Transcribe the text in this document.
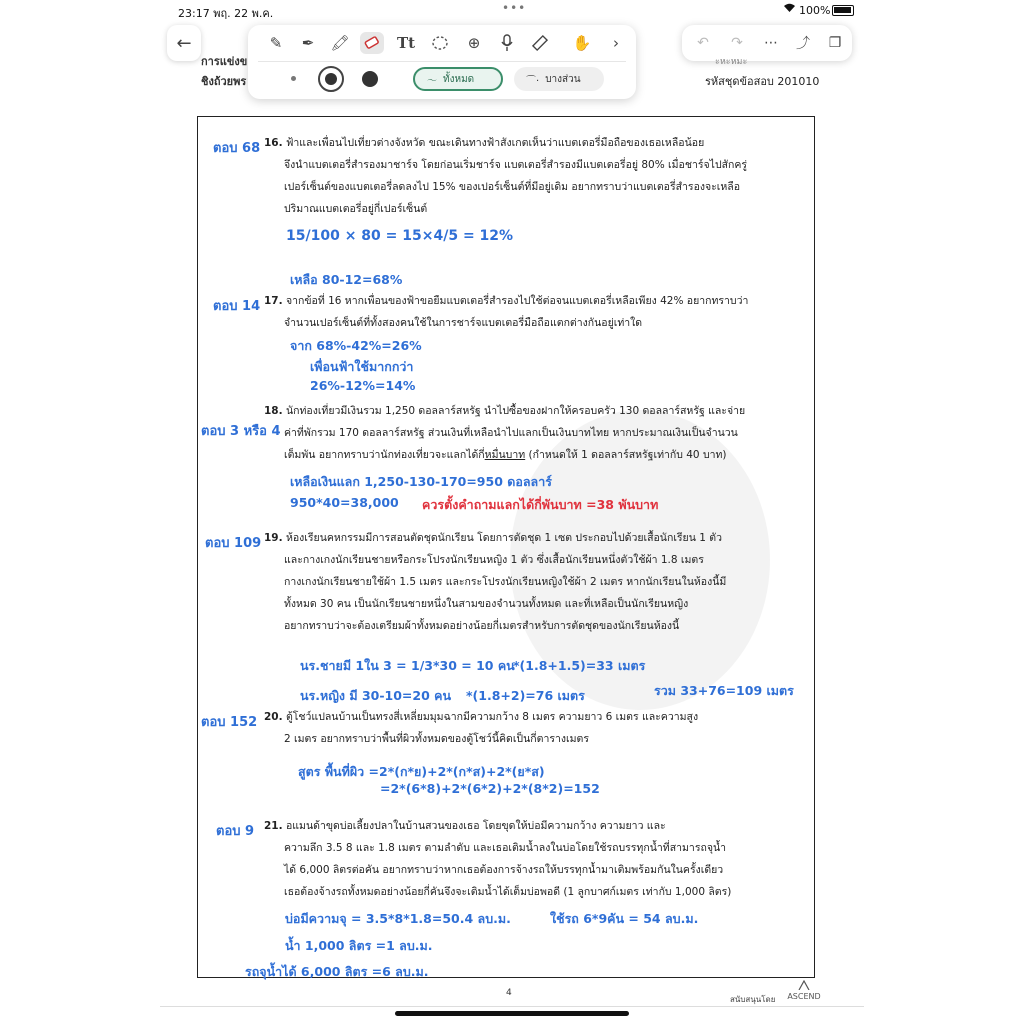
23:17 พฤ. 22 พ.ค.	•••	100%
←	✎	✒	🖍	Tt	⊕	✋	›
〜 ทั้งหมด	⌒· บางส่วน
↶	↷	⋯ ⤴	❐
การแข่งข
ชิงถ้วยพร
ะหะหมะ
รหัสชุดข้อสอบ 201010
ตอบ 68 16. ฟ้าและเพื่อนไปเที่ยวต่างจังหวัด ขณะเดินทางฟ้าสังเกตเห็นว่าแบตเตอรี่มือถือของเธอเหลือน้อย
จึงนำแบตเตอรี่สำรองมาชาร์จ โดยก่อนเริ่มชาร์จ แบตเตอรี่สำรองมีแบตเตอรี่อยู่ 80% เมื่อชาร์จไปสักครู่
เปอร์เซ็นต์ของแบตเตอรี่ลดลงไป 15% ของเปอร์เซ็นต์ที่มีอยู่เดิม อยากทราบว่าแบตเตอรี่สำรองจะเหลือ
ปริมาณแบตเตอรี่อยู่กี่เปอร์เซ็นต์
15/100 × 80 = 15×4/5 = 12%
เหลือ 80-12=68%
ตอบ 14 17. จากข้อที่ 16 หากเพื่อนของฟ้าขอยืมแบตเตอรี่สำรองไปใช้ต่อจนแบตเตอรี่เหลือเพียง 42% อยากทราบว่า
จำนวนเปอร์เซ็นต์ที่ทั้งสองคนใช้ในการชาร์จแบตเตอรี่มือถือแตกต่างกันอยู่เท่าใด
จาก 68%-42%=26%
เพื่อนฟ้าใช้มากกว่า
26%-12%=14%
ตอบ 3 หรือ 4
18. นักท่องเที่ยวมีเงินรวม 1,250 ดอลลาร์สหรัฐ นำไปซื้อของฝากให้ครอบครัว 130 ดอลลาร์สหรัฐ และจ่าย
ค่าที่พักรวม 170 ดอลลาร์สหรัฐ ส่วนเงินที่เหลือนำไปแลกเป็นเงินบาทไทย หากประมาณเงินเป็นจำนวน
เต็มพัน อยากทราบว่านักท่องเที่ยวจะแลกได้กี่หมื่นบาท (กำหนดให้ 1 ดอลลาร์สหรัฐเท่ากับ 40 บาท)
เหลือเงินแลก 1,250-130-170=950 ดอลลาร์
950*40=38,000 ควรตั้งคำถามแลกได้กี่พันบาท =38 พันบาท
ตอบ 109 19. ห้องเรียนคหกรรมมีการสอนตัดชุดนักเรียน โดยการตัดชุด 1 เซต ประกอบไปด้วยเสื้อนักเรียน 1 ตัว
และกางเกงนักเรียนชายหรือกระโปรงนักเรียนหญิง 1 ตัว ซึ่งเสื้อนักเรียนหนึ่งตัวใช้ผ้า 1.8 เมตร
กางเกงนักเรียนชายใช้ผ้า 1.5 เมตร และกระโปรงนักเรียนหญิงใช้ผ้า 2 เมตร หากนักเรียนในห้องนี้มี
ทั้งหมด 30 คน เป็นนักเรียนชายหนึ่งในสามของจำนวนทั้งหมด และที่เหลือเป็นนักเรียนหญิง
อยากทราบว่าจะต้องเตรียมผ้าทั้งหมดอย่างน้อยกี่เมตรสำหรับการตัดชุดของนักเรียนห้องนี้
นร.ชายมี 1ใน 3 = 1/3*30 = 10 คน
*(1.8+1.5)=33 เมตร
นร.หญิง มี 30-10=20 คน *(1.8+2)=76 เมตร	รวม 33+76=109 เมตร
ตอบ 152 20. ตู้โชว์แปลนบ้านเป็นทรงสี่เหลี่ยมมุมฉากมีความกว้าง 8 เมตร ความยาว 6 เมตร และความสูง
2 เมตร อยากทราบว่าพื้นที่ผิวทั้งหมดของตู้โชว์นี้คิดเป็นกี่ตารางเมตร
สูตร พื้นที่ผิว =2*(ก*ย)+2*(ก*ส)+2*(ย*ส)
=2*(6*8)+2*(6*2)+2*(8*2)=152
ตอบ 9 21. อแมนด้าขุดบ่อเลี้ยงปลาในบ้านสวนของเธอ โดยขุดให้บ่อมีความกว้าง ความยาว และ
ความลึก 3.5 8 และ 1.8 เมตร ตามลำดับ และเธอเติมน้ำลงในบ่อโดยใช้รถบรรทุกน้ำที่สามารถจุน้ำ
ได้ 6,000 ลิตรต่อคัน อยากทราบว่าหากเธอต้องการจ้างรถให้บรรทุกน้ำมาเติมพร้อมกันในครั้งเดียว
เธอต้องจ้างรถทั้งหมดอย่างน้อยกี่คันจึงจะเติมน้ำได้เต็มบ่อพอดี (1 ลูกบาศก์เมตร เท่ากับ 1,000 ลิตร)
บ่อมีความจุ = 3.5*8*1.8=50.4 ลบ.ม.	ใช้รถ 6*9คัน = 54 ลบ.ม.
น้ำ 1,000 ลิตร =1 ลบ.ม.
รถจุน้ำได้ 6,000 ลิตร =6 ลบ.ม.
4
สนับสนุนโดย	ASCEND
